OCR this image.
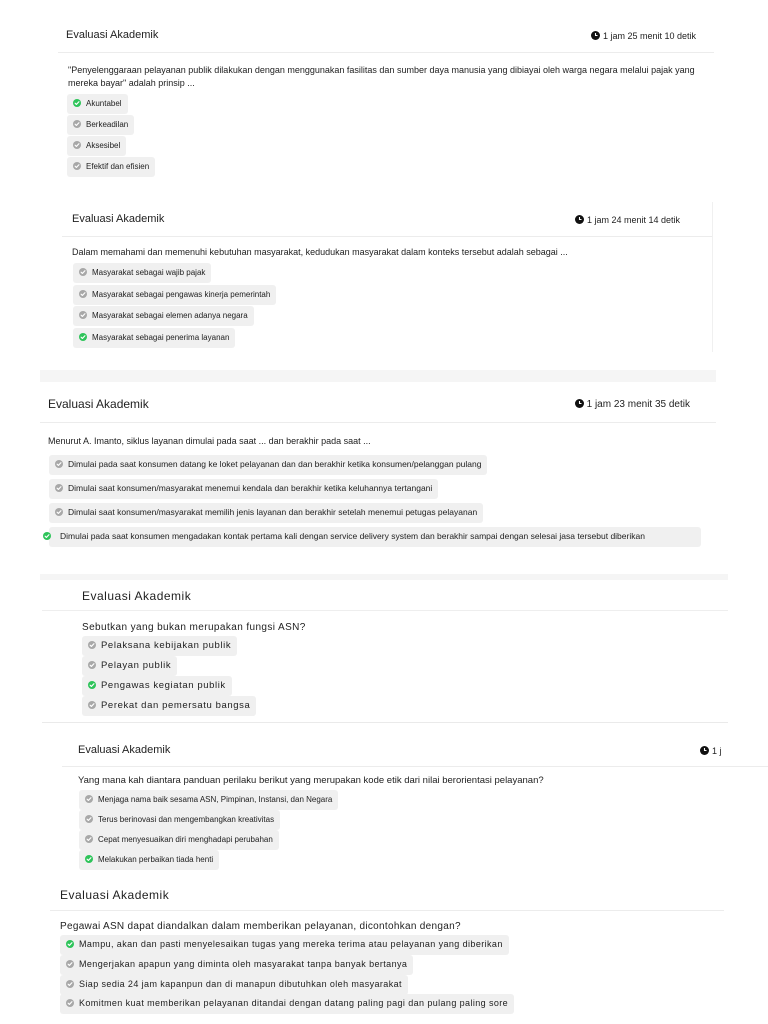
Evaluasi Akademik	1 jam 25 menit 10 detik
"Penyelenggaraan pelayanan publik dilakukan dengan menggunakan fasilitas dan sumber daya manusia yang dibiayai oleh warga negara melalui pajak yang mereka bayar" adalah prinsip ...
Akuntabel
Berkeadilan
Aksesibel
Efektif dan efisien
Evaluasi Akademik	1 jam 24 menit 14 detik
Dalam memahami dan memenuhi kebutuhan masyarakat, kedudukan masyarakat dalam konteks tersebut adalah sebagai ...
Masyarakat sebagai wajib pajak
Masyarakat sebagai pengawas kinerja pemerintah
Masyarakat sebagai elemen adanya negara
Masyarakat sebagai penerima layanan
Evaluasi Akademik	1 jam 23 menit 35 detik
Menurut A. Imanto, siklus layanan dimulai pada saat ... dan berakhir pada saat ...
Dimulai pada saat konsumen datang ke loket pelayanan dan dan berakhir ketika konsumen/pelanggan pulang
Dimulai saat konsumen/masyarakat menemui kendala dan berakhir ketika keluhannya tertangani
Dimulai saat konsumen/masyarakat memilih jenis layanan dan berakhir setelah menemui petugas pelayanan
Dimulai pada saat konsumen mengadakan kontak pertama kali dengan service delivery system dan berakhir sampai dengan selesai jasa tersebut diberikan
Evaluasi Akademik
Sebutkan yang bukan merupakan fungsi ASN?
Pelaksana kebijakan publik
Pelayan publik
Pengawas kegiatan publik
Perekat dan pemersatu bangsa
Evaluasi Akademik	1 j
Yang mana kah diantara panduan perilaku berikut yang merupakan kode etik dari nilai berorientasi pelayanan?
Menjaga nama baik sesama ASN, Pimpinan, Instansi, dan Negara
Terus berinovasi dan mengembangkan kreativitas
Cepat menyesuaikan diri menghadapi perubahan
Melakukan perbaikan tiada henti
Evaluasi Akademik
Pegawai ASN dapat diandalkan dalam memberikan pelayanan, dicontohkan dengan?
Mampu, akan dan pasti menyelesaikan tugas yang mereka terima atau pelayanan yang diberikan
Mengerjakan apapun yang diminta oleh masyarakat tanpa banyak bertanya
Siap sedia 24 jam kapanpun dan di manapun dibutuhkan oleh masyarakat
Komitmen kuat memberikan pelayanan ditandai dengan datang paling pagi dan pulang paling sore
